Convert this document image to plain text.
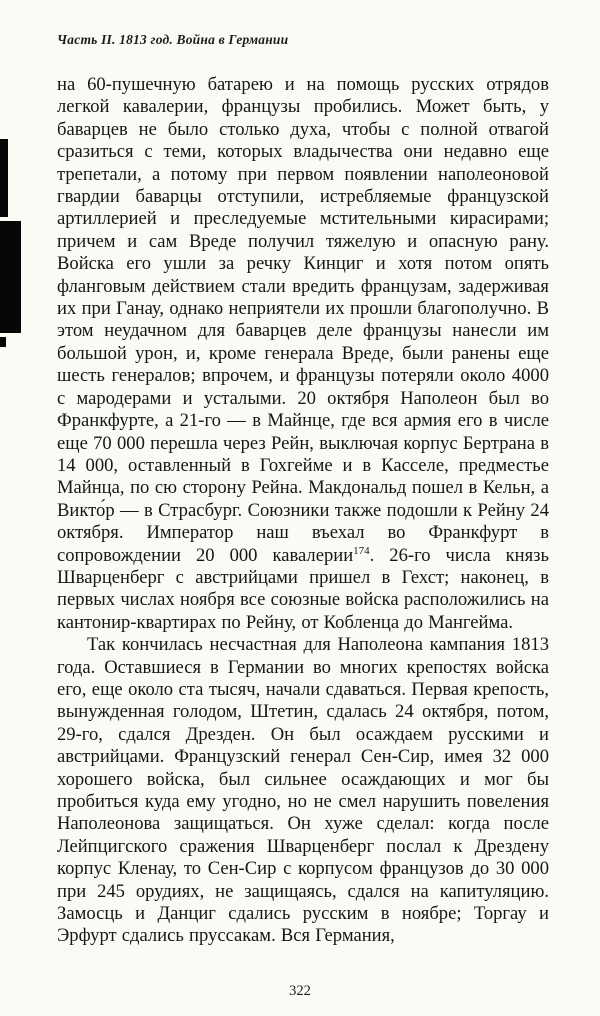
Часть II. 1813 год. Война в Германии

на 60-пушечную батарею и на помощь русских отрядов легкой кавалерии, французы пробились. Может быть, у баварцев не было столько духа, чтобы с полной отвагой сразиться с теми, которых владычества они недавно еще трепетали, а потому при первом появлении наполеоновой гвардии баварцы отступили, истребляемые французской артиллерией и преследуемые мстительными кирасирами; причем и сам Вреде получил тяжелую и опасную рану. Войска его ушли за речку Кинциг и хотя потом опять фланговым действием стали вредить французам, задерживая их при Ганау, однако неприятели их прошли благополучно. В этом неудачном для баварцев деле французы нанесли им большой урон, и, кроме генерала Вреде, были ранены еще шесть генералов; впрочем, и французы потеряли около 4000 с мародерами и усталыми. 20 октября Наполеон был во Франкфурте, а 21-го — в Майнце, где вся армия его в числе еще 70 000 перешла через Рейн, выключая корпус Бертрана в 14 000, оставленный в Гохгейме и в Касселе, предместье Майнца, по сю сторону Рейна. Макдональд пошел в Кельн, а Викто́р — в Страсбург. Союзники также подошли к Рейну 24 октября. Император наш въехал во Франкфурт в сопровождении 20 000 кавалерии$^{174}$. 26-го числа князь Шварценберг с австрийцами пришел в Гехст; наконец, в первых числах ноября все союзные войска расположились на кантонир-квартирах по Рейну, от Кобленца до Мангейма.

Так кончилась несчастная для Наполеона кампания 1813 года. Оставшиеся в Германии во многих крепостях войска его, еще около ста тысяч, начали сдаваться. Первая крепость, вынужденная голодом, Штетин, сдалась 24 октября, потом, 29-го, сдался Дрезден. Он был осаждаем русскими и австрийцами. Французский генерал Сен-Сир, имея 32 000 хорошего войска, был сильнее осаждающих и мог бы пробиться куда ему угодно, но не смел нарушить повеления Наполеонова защищаться. Он хуже сделал: когда после Лейпцигского сражения Шварценберг послал к Дрездену корпус Кленау, то Сен-Сир с корпусом французов до 30 000 при 245 орудиях, не защищаясь, сдался на капитуляцию. Замосць и Данциг сдались русским в ноябре; Торгау и Эрфурт сдались пруссакам. Вся Германия,

322
